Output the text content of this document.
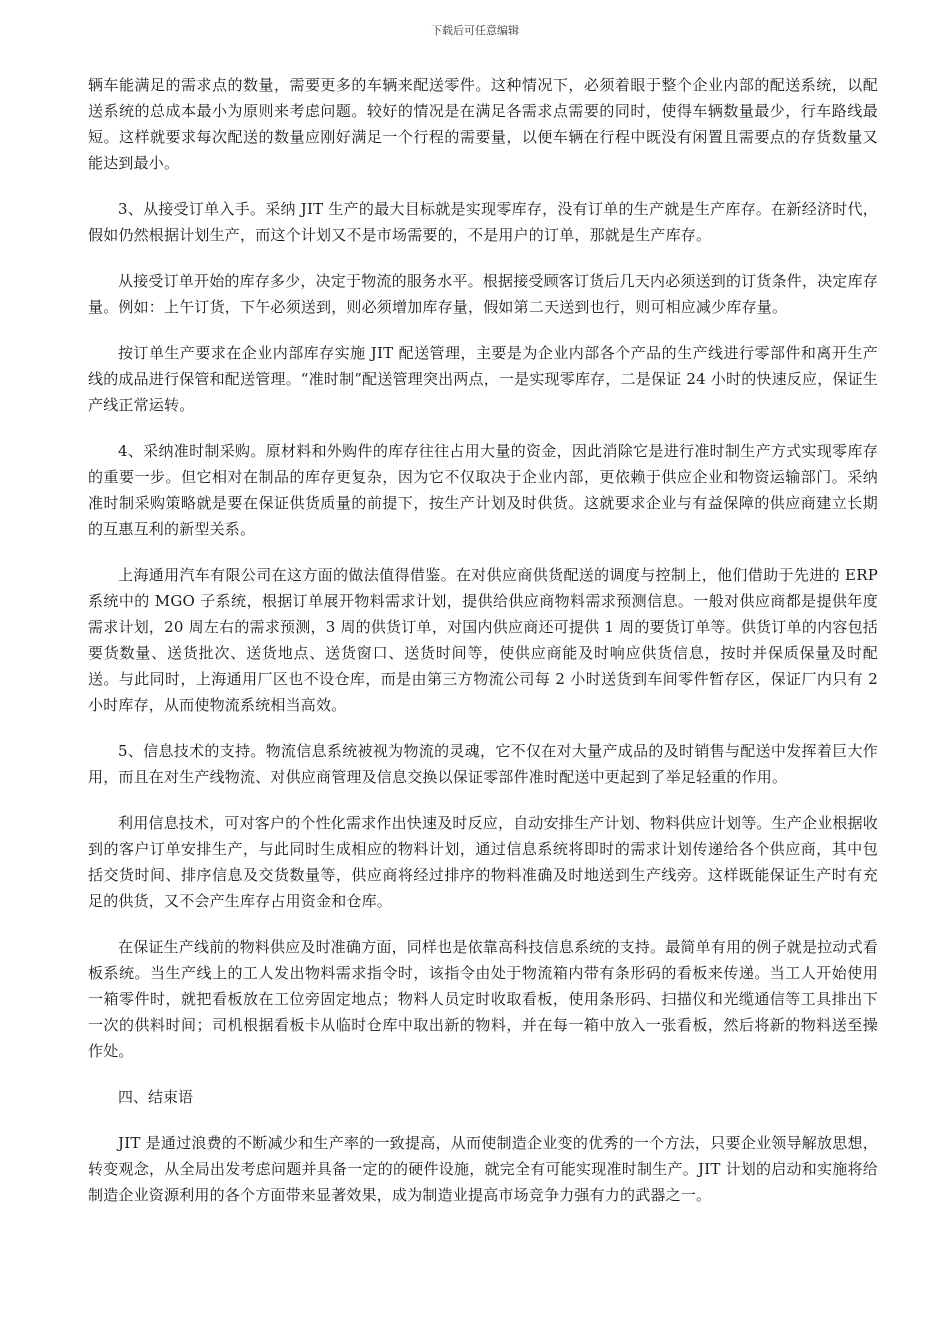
下载后可任意编辑

辆车能满足的需求点的数量，需要更多的车辆来配送零件。这种情况下，必须着眼于整个企业内部的配送系统，以配送系统的总成本最小为原则来考虑问题。较好的情况是在满足各需求点需要的同时，使得车辆数量最少，行车路线最短。这样就要求每次配送的数量应刚好满足一个行程的需要量，以便车辆在行程中既没有闲置且需要点的存货数量又能达到最小。

3、从接受订单入手。采纳 JIT 生产的最大目标就是实现零库存，没有订单的生产就是生产库存。在新经济时代，假如仍然根据计划生产，而这个计划又不是市场需要的，不是用户的订单，那就是生产库存。

从接受订单开始的库存多少，决定于物流的服务水平。根据接受顾客订货后几天内必须送到的订货条件，决定库存量。例如：上午订货，下午必须送到，则必须增加库存量，假如第二天送到也行，则可相应减少库存量。

按订单生产要求在企业内部库存实施 JIT 配送管理，主要是为企业内部各个产品的生产线进行零部件和离开生产线的成品进行保管和配送管理。“准时制”配送管理突出两点，一是实现零库存，二是保证 24 小时的快速反应，保证生产线正常运转。

4、采纳准时制采购。原材料和外购件的库存往往占用大量的资金，因此消除它是进行准时制生产方式实现零库存的重要一步。但它相对在制品的库存更复杂，因为它不仅取决于企业内部，更依赖于供应企业和物资运输部门。采纳准时制采购策略就是要在保证供货质量的前提下，按生产计划及时供货。这就要求企业与有益保障的供应商建立长期的互惠互利的新型关系。

上海通用汽车有限公司在这方面的做法值得借鉴。在对供应商供货配送的调度与控制上，他们借助于先进的 ERP 系统中的 MGO 子系统，根据订单展开物料需求计划，提供给供应商物料需求预测信息。一般对供应商都是提供年度需求计划，20 周左右的需求预测，3 周的供货订单，对国内供应商还可提供 1 周的要货订单等。供货订单的内容包括要货数量、送货批次、送货地点、送货窗口、送货时间等，使供应商能及时响应供货信息，按时并保质保量及时配送。与此同时，上海通用厂区也不设仓库，而是由第三方物流公司每 2 小时送货到车间零件暂存区，保证厂内只有 2 小时库存，从而使物流系统相当高效。

5、信息技术的支持。物流信息系统被视为物流的灵魂，它不仅在对大量产成品的及时销售与配送中发挥着巨大作用，而且在对生产线物流、对供应商管理及信息交换以保证零部件准时配送中更起到了举足轻重的作用。

利用信息技术，可对客户的个性化需求作出快速及时反应，自动安排生产计划、物料供应计划等。生产企业根据收到的客户订单安排生产，与此同时生成相应的物料计划，通过信息系统将即时的需求计划传递给各个供应商，其中包括交货时间、排序信息及交货数量等，供应商将经过排序的物料准确及时地送到生产线旁。这样既能保证生产时有充足的供货，又不会产生库存占用资金和仓库。

在保证生产线前的物料供应及时准确方面，同样也是依靠高科技信息系统的支持。最简单有用的例子就是拉动式看板系统。当生产线上的工人发出物料需求指令时，该指令由处于物流箱内带有条形码的看板来传递。当工人开始使用一箱零件时，就把看板放在工位旁固定地点；物料人员定时收取看板，使用条形码、扫描仪和光缆通信等工具排出下一次的供料时间；司机根据看板卡从临时仓库中取出新的物料，并在每一箱中放入一张看板，然后将新的物料送至操作处。

四、结束语

JIT 是通过浪费的不断减少和生产率的一致提高，从而使制造企业变的优秀的一个方法，只要企业领导解放思想，转变观念，从全局出发考虑问题并具备一定的的硬件设施，就完全有可能实现准时制生产。JIT 计划的启动和实施将给制造企业资源利用的各个方面带来显著效果，成为制造业提高市场竞争力强有力的武器之一。
